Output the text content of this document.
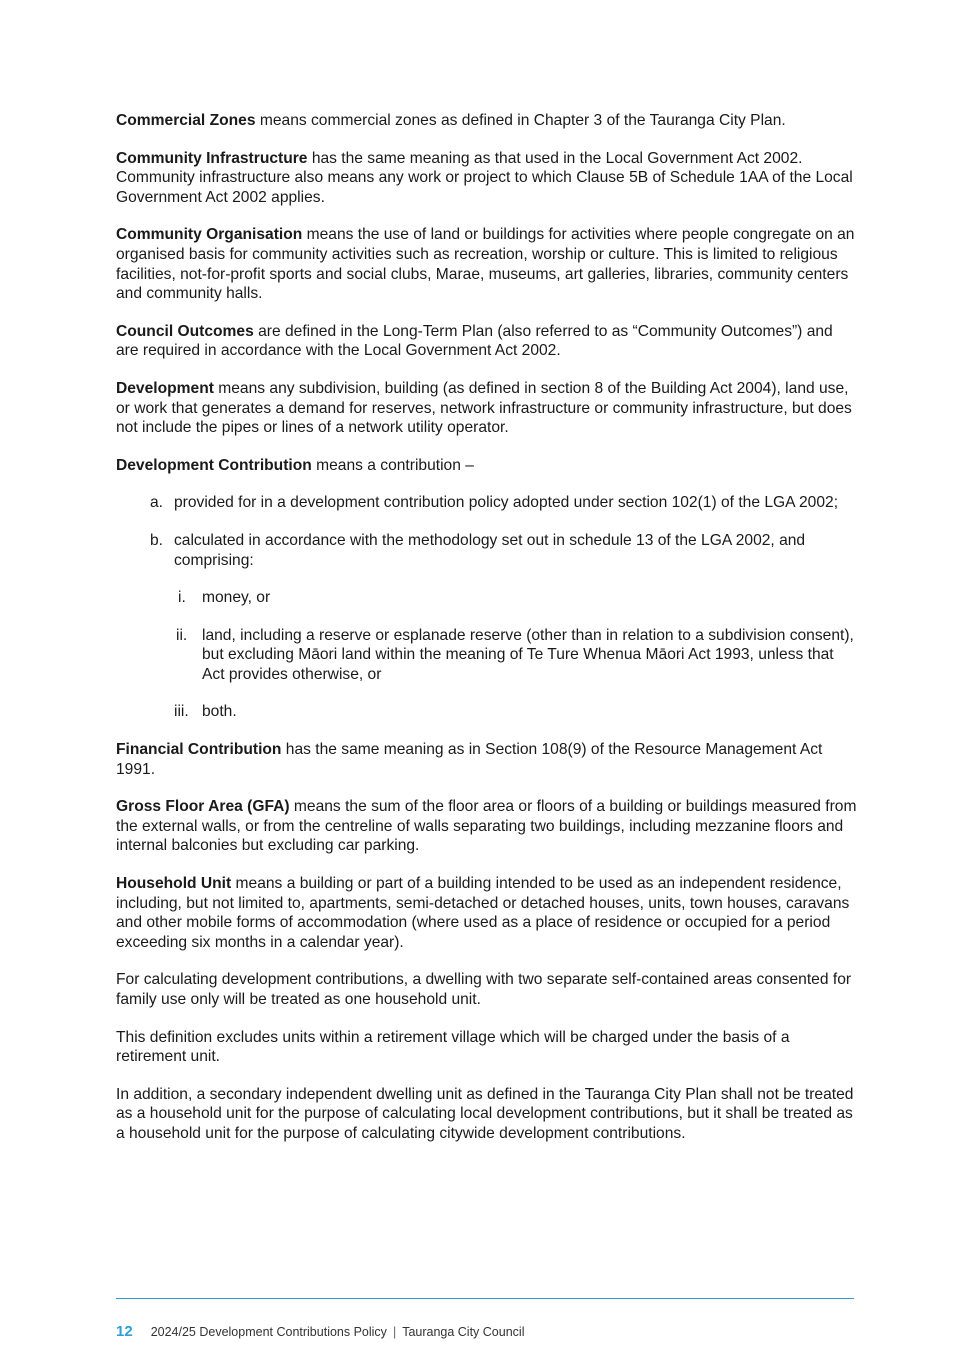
Commercial Zones means commercial zones as defined in Chapter 3 of the Tauranga City Plan.

Community Infrastructure has the same meaning as that used in the Local Government Act 2002. Community infrastructure also means any work or project to which Clause 5B of Schedule 1AA of the Local Government Act 2002 applies.

Community Organisation means the use of land or buildings for activities where people congregate on an organised basis for community activities such as recreation, worship or culture. This is limited to religious facilities, not-for-profit sports and social clubs, Marae, museums, art galleries, libraries, community centers and community halls.

Council Outcomes are defined in the Long-Term Plan (also referred to as “Community Outcomes”) and are required in accordance with the Local Government Act 2002.

Development means any subdivision, building (as defined in section 8 of the Building Act 2004), land use, or work that generates a demand for reserves, network infrastructure or community infrastructure, but does not include the pipes or lines of a network utility operator.

Development Contribution means a contribution –

a. provided for in a development contribution policy adopted under section 102(1) of the LGA 2002;
b. calculated in accordance with the methodology set out in schedule 13 of the LGA 2002, and comprising:
i.	money, or
ii. land, including a reserve or esplanade reserve (other than in relation to a subdivision consent), but excluding Māori land within the meaning of Te Ture Whenua Māori Act 1993, unless that Act provides otherwise, or
iii. both.

Financial Contribution has the same meaning as in Section 108(9) of the Resource Management Act 1991.

Gross Floor Area (GFA) means the sum of the floor area or floors of a building or buildings measured from the external walls, or from the centreline of walls separating two buildings, including mezzanine floors and internal balconies but excluding car parking.

Household Unit means a building or part of a building intended to be used as an independent residence, including, but not limited to, apartments, semi-detached or detached houses, units, town houses, caravans and other mobile forms of accommodation (where used as a place of residence or occupied for a period exceeding six months in a calendar year).

For calculating development contributions, a dwelling with two separate self-contained areas consented for family use only will be treated as one household unit.

This definition excludes units within a retirement village which will be charged under the basis of a retirement unit.

In addition, a secondary independent dwelling unit as defined in the Tauranga City Plan shall not be treated as a household unit for the purpose of calculating local development contributions, but it shall be treated as a household unit for the purpose of calculating citywide development contributions.

12 2024/25 Development Contributions Policy | Tauranga City Council
